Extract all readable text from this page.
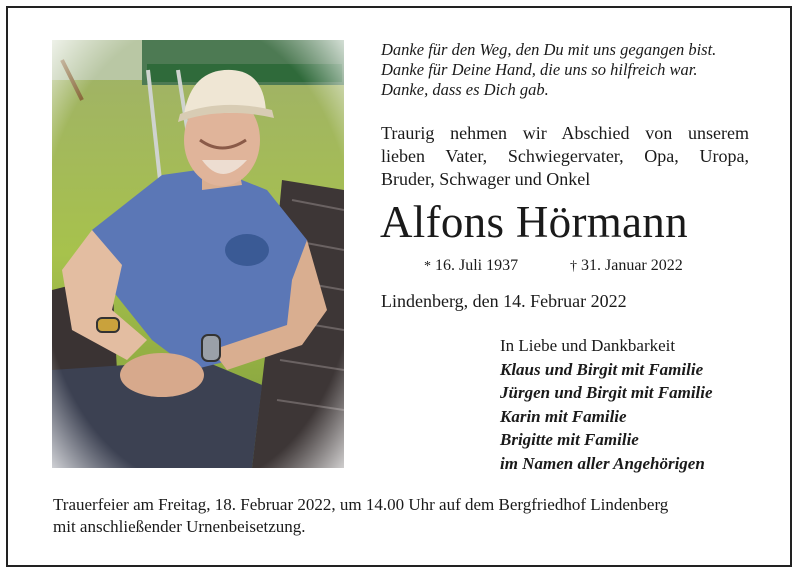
Danke für den Weg, den Du mit uns gegangen bist.
Danke für Deine Hand, die uns so hilfreich war.
Danke, dass es Dich gab.
Traurig nehmen wir Abschied von unserem
lieben Vater, Schwiegervater, Opa, Uropa,
Bruder, Schwager und Onkel
Alfons Hörmann
* 16. Juli 1937	† 31. Januar 2022
Lindenberg, den 14. Februar 2022
In Liebe und Dankbarkeit
Klaus und Birgit mit Familie
Jürgen und Birgit mit Familie
Karin mit Familie
Brigitte mit Familie
im Namen aller Angehörigen
Trauerfeier am Freitag, 18. Februar 2022, um 14.00 Uhr auf dem Bergfriedhof Lindenberg
mit anschließender Urnenbeisetzung.
